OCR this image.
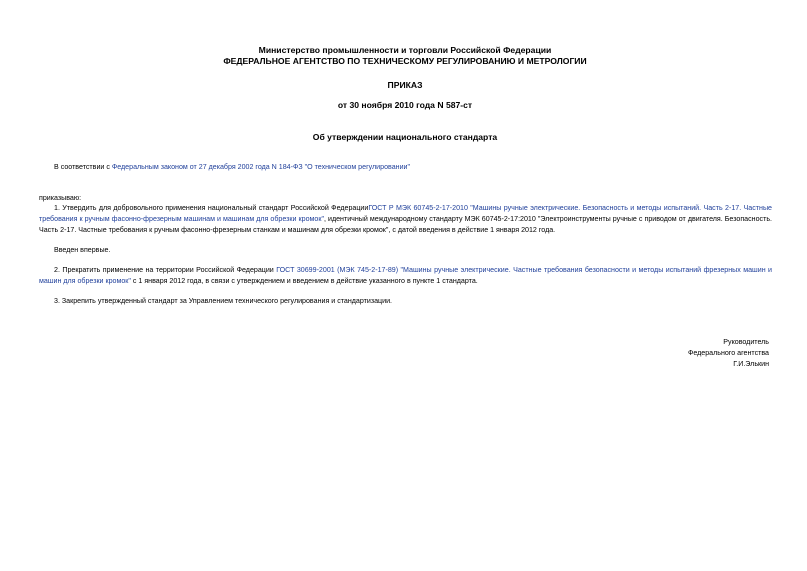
Министерство промышленности и торговли Российской Федерации
ФЕДЕРАЛЬНОЕ АГЕНТСТВО ПО ТЕХНИЧЕСКОМУ РЕГУЛИРОВАНИЮ И МЕТРОЛОГИИ
ПРИКАЗ
от 30 ноября 2010 года N 587-ст
Об утверждении национального стандарта
В соответствии с Федеральным законом от 27 декабря 2002 года N 184-ФЗ "О техническом регулировании"
приказываю:
1. Утвердить для добровольного применения национальный стандарт Российской ФедерацииГОСТ Р МЭК 60745-2-17-2010 "Машины ручные электрические. Безопасность и методы испытаний. Часть 2-17. Частные требования к ручным фасонно-фрезерным машинам и машинам для обрезки кромок", идентичный международному стандарту МЭК 60745-2-17:2010 "Электроинструменты ручные с приводом от двигателя. Безопасность. Часть 2-17. Частные требования к ручным фасонно-фрезерным станкам и машинам для обрезки кромок", с датой введения в действие 1 января 2012 года.
Введен впервые.
2. Прекратить применение на территории Российской Федерации ГОСТ 30699-2001 (МЭК 745-2-17-89) "Машины ручные электрические. Частные требования безопасности и методы испытаний фрезерных машин и машин для обрезки кромок" с 1 января 2012 года, в связи с утверждением и введением в действие указанного в пункте 1 стандарта.
3. Закрепить утвержденный стандарт за Управлением технического регулирования и стандартизации.
Руководитель
Федерального агентства
Г.И.Элькин
